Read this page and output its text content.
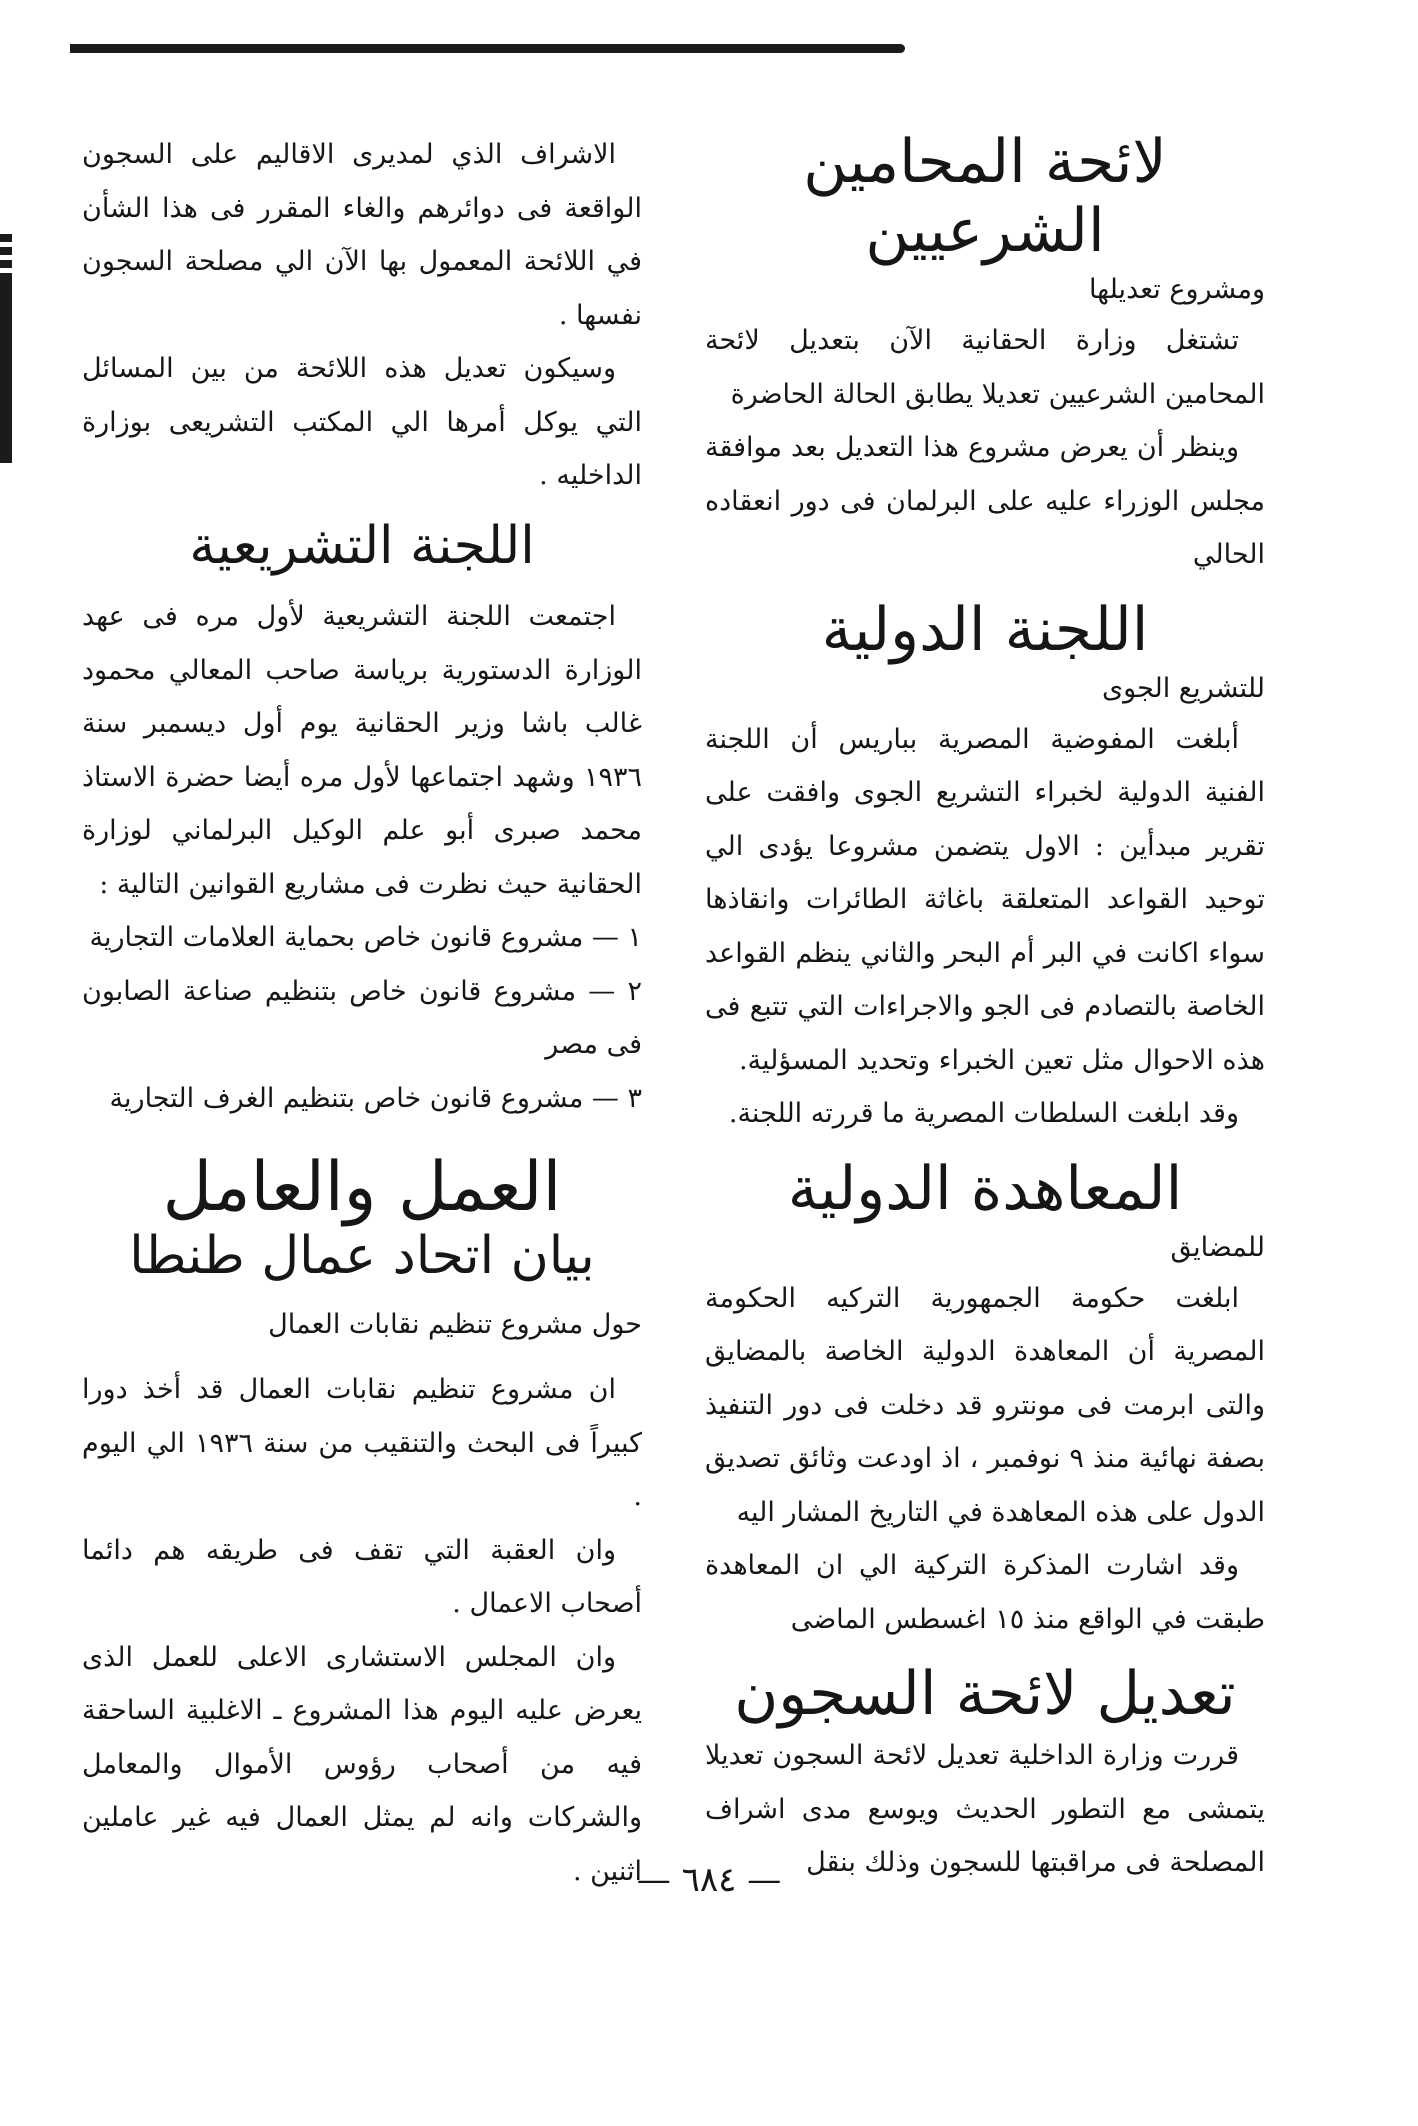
لائحة المحامين الشرعيين

ومشروع تعديلها

تشتغل وزارة الحقانية الآن بتعديل لائحة المحامين الشرعيين تعديلا يطابق الحالة الحاضرة

وينظر أن يعرض مشروع هذا التعديل بعد موافقة مجلس الوزراء عليه على البرلمان فى دور انعقاده الحالي

اللجنة الدولية

للتشريع الجوى

أبلغت المفوضية المصرية بباريس أن اللجنة الفنية الدولية لخبراء التشريع الجوى وافقت على تقرير مبدأين : الاول يتضمن مشروعا يؤدى الي توحيد القواعد المتعلقة باغاثة الطائرات وانقاذها سواء اكانت في البر أم البحر والثاني ينظم القواعد الخاصة بالتصادم فى الجو والاجراءات التي تتبع فى هذه الاحوال مثل تعين الخبراء وتحديد المسؤلية.

وقد ابلغت السلطات المصرية ما قررته اللجنة.

المعاهدة الدولية

للمضايق

ابلغت حكومة الجمهورية التركيه الحكومة المصرية أن المعاهدة الدولية الخاصة بالمضايق والتى ابرمت فى مونترو قد دخلت فى دور التنفيذ بصفة نهائية منذ ٩ نوفمبر ، اذ اودعت وثائق تصديق الدول على هذه المعاهدة في التاريخ المشار اليه

وقد اشارت المذكرة التركية الي ان المعاهدة طبقت في الواقع منذ ١٥ اغسطس الماضى

تعديل لائحة السجون

قررت وزارة الداخلية تعديل لائحة السجون تعديلا يتمشى مع التطور الحديث ويوسع مدى اشراف المصلحة فى مراقبتها للسجون وذلك بنقل

الاشراف الذي لمديرى الاقاليم على السجون الواقعة فى دوائرهم والغاء المقرر فى هذا الشأن في اللائحة المعمول بها الآن الي مصلحة السجون نفسها .

وسيكون تعديل هذه اللائحة من بين المسائل التي يوكل أمرها الي المكتب التشريعى بوزارة الداخليه .

اللجنة التشريعية

اجتمعت اللجنة التشريعية لأول مره فى عهد الوزارة الدستورية برياسة صاحب المعالي محمود غالب باشا وزير الحقانية يوم أول ديسمبر سنة ١٩٣٦ وشهد اجتماعها لأول مره أيضا حضرة الاستاذ محمد صبرى أبو علم الوكيل البرلماني لوزارة الحقانية حيث نظرت فى مشاريع القوانين التالية :

١ — مشروع قانون خاص بحماية العلامات التجارية

٢ — مشروع قانون خاص بتنظيم صناعة الصابون فى مصر

٣ — مشروع قانون خاص بتنظيم الغرف التجارية

العمل والعامل
بيان اتحاد عمال طنطا

حول مشروع تنظيم نقابات العمال

ان مشروع تنظيم نقابات العمال قد أخذ دورا كبيراً فى البحث والتنقيب من سنة ١٩٣٦ الي اليوم .

وان العقبة التي تقف فى طريقه هم دائما أصحاب الاعمال .

وان المجلس الاستشارى الاعلى للعمل الذى يعرض عليه اليوم هذا المشروع ـ الاغلبية الساحقة فيه من أصحاب رؤوس الأموال والمعامل والشركات وانه لم يمثل العمال فيه غير عاملين اثنين .

— ٦٨٤ —
